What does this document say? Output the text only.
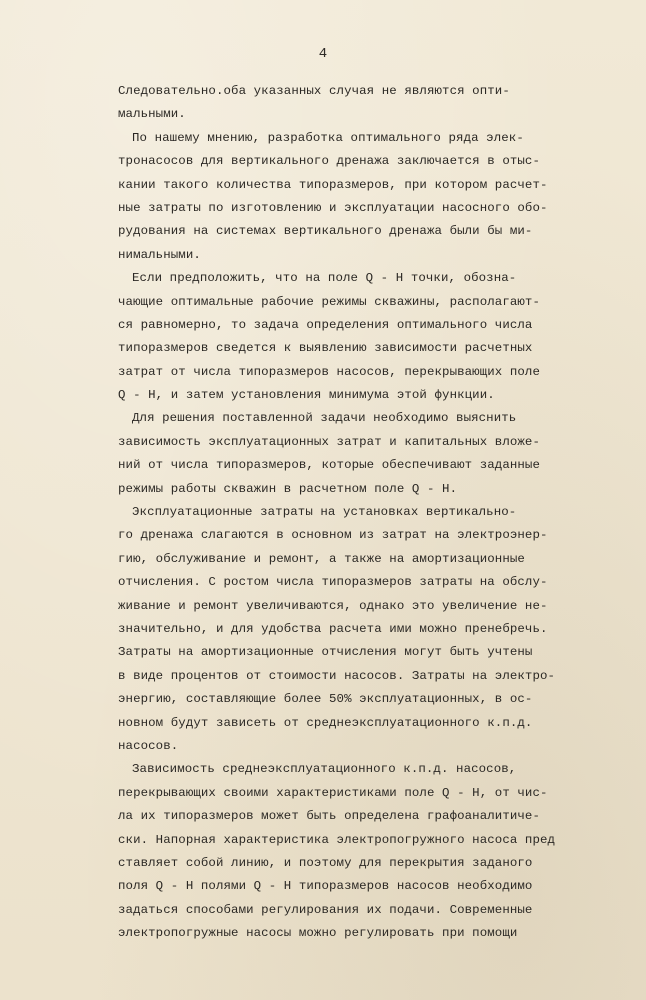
4
Следовательно.оба указанных случая не являются опти-
мальными.
По нашему мнению, разработка оптимального ряда элек-
тронасосов для вертикального дренажа заключается в отыс-
кании такого количества типоразмеров, при котором расчет-
ные затраты по изготовлению и эксплуатации насосного обо-
рудования на системах вертикального дренажа были бы ми-
нимальными.
Если предположить, что на поле Q - H точки, обозна-
чающие оптимальные рабочие режимы скважины, располагают-
ся равномерно, то задача определения оптимального числа
типоразмеров сведется к выявлению зависимости расчетных
затрат от числа типоразмеров насосов, перекрывающих поле
Q - H, и затем установления минимума этой функции.
Для решения поставленной задачи необходимо выяснить
зависимость эксплуатационных затрат и капитальных вложе-
ний от числа типоразмеров, которые обеспечивают заданные
режимы работы скважин в расчетном поле Q - H.
Эксплуатационные затраты на установках вертикально-
го дренажа слагаются в основном из затрат на электроэнер-
гию, обслуживание и ремонт, а также на амортизационные
отчисления. С ростом числа типоразмеров затраты на обслу-
живание и ремонт увеличиваются, однако это увеличение не-
значительно, и для удобства расчета ими можно пренебречь.
Затраты на амортизационные отчисления могут быть учтены
в виде процентов от стоимости насосов. Затраты на электро-
энергию, составляющие более 50% эксплуатационных, в ос-
новном будут зависеть от среднеэксплуатационного к.п.д.
насосов.
Зависимость среднеэксплуатационного к.п.д. насосов,
перекрывающих своими характеристиками поле Q - H, от чис-
ла их типоразмеров может быть определена графоаналитиче-
ски. Напорная характеристика электропогружного насоса пред
ставляет собой линию, и поэтому для перекрытия заданого
поля Q - H полями Q - H типоразмеров насосов необходимо
задаться способами регулирования их подачи. Современные
электропогружные насосы можно регулировать при помощи
